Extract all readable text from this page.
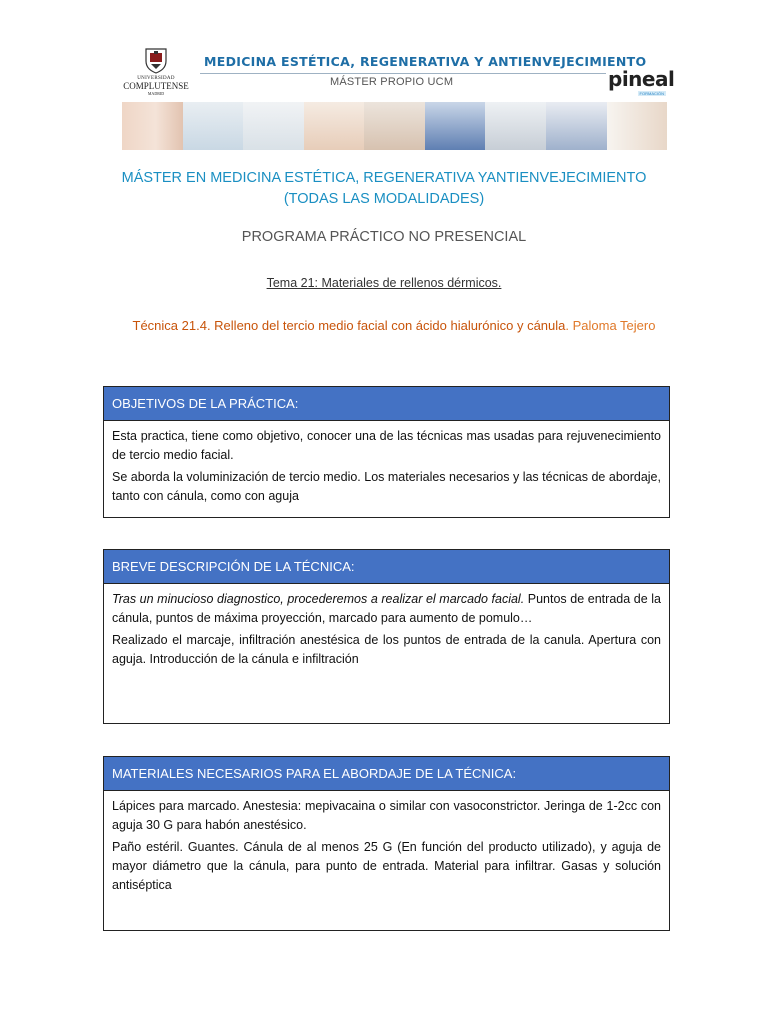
UNIVERSIDAD
COMPLUTENSE
MADRID
MEDICINA ESTÉTICA, REGENERATIVA Y ANTIENVEJECIMIENTO
MÁSTER PROPIO UCM	pineal
FORMACIÓN
MÁSTER EN MEDICINA ESTÉTICA, REGENERATIVA YANTIENVEJECIMIENTO
(TODAS LAS MODALIDADES)
PROGRAMA PRÁCTICO NO PRESENCIAL
Tema 21: Materiales de rellenos dérmicos.
Técnica 21.4. Relleno del tercio medio facial con ácido hialurónico y cánula. Paloma Tejero
OBJETIVOS DE LA PRÁCTICA:

Esta practica, tiene como objetivo, conocer una de las técnicas mas usadas para rejuvenecimiento de tercio medio facial.

Se aborda la voluminización de tercio medio. Los materiales necesarios y las técnicas de abordaje, tanto con cánula, como con aguja

BREVE DESCRIPCIÓN DE LA TÉCNICA:

Tras un minucioso diagnostico, procederemos a realizar el marcado facial. Puntos de entrada de la cánula, puntos de máxima proyección, marcado para aumento de pomulo…

Realizado el marcaje, infiltración anestésica de los puntos de entrada de la canula. Apertura con aguja. Introducción de la cánula e infiltración

MATERIALES NECESARIOS PARA EL ABORDAJE DE LA TÉCNICA:

Lápices para marcado. Anestesia: mepivacaina o similar con vasoconstrictor. Jeringa de 1-2cc con aguja 30 G para habón anestésico.

Paño estéril. Guantes. Cánula de al menos 25 G (En función del producto utilizado), y aguja de mayor diámetro que la cánula, para punto de entrada. Material para infiltrar. Gasas y solución antiséptica
